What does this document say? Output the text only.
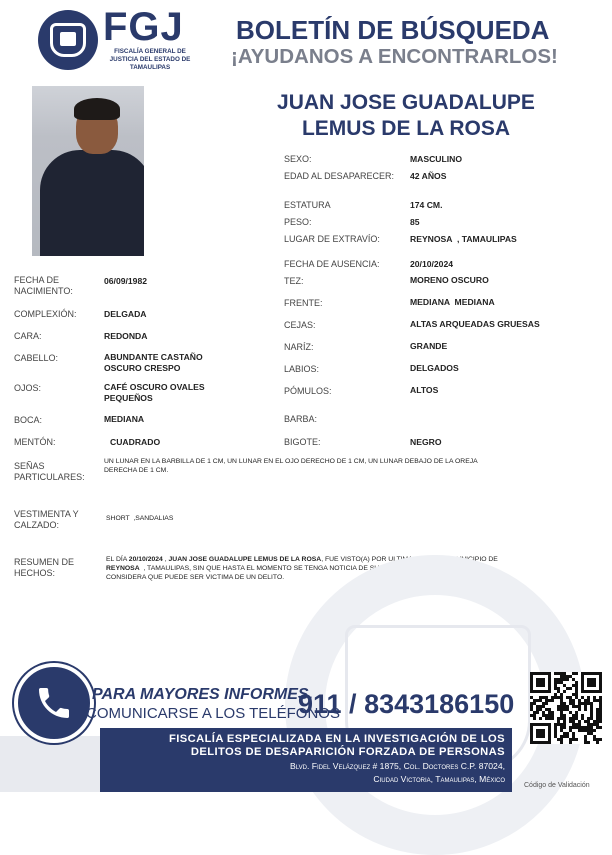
FGJ
FISCALÍA GENERAL DE JUSTICIA DEL ESTADO DE TAMAULIPAS
BOLETÍN DE BÚSQUEDA
¡AYUDANOS A ENCONTRARLOS!
JUAN JOSE GUADALUPE
LEMUS DE LA ROSA
SEXO:	MASCULINO
EDAD AL DESAPARECER: 42 AÑOS
ESTATURA	174 CM.
PESO:	85
LUGAR DE EXTRAVÍO:	REYNOSA  , TAMAULIPAS
FECHA DE AUSENCIA:	20/10/2024
TEZ:	MORENO OSCURO
FRENTE:	MEDIANA  MEDIANA
CEJAS:	ALTAS ARQUEADAS GRUESAS
NARÍZ:	GRANDE
LABIOS:	DELGADOS
PÓMULOS:	ALTOS
BARBA:
BIGOTE:	NEGRO
FECHA DE
NACIMIENTO:
06/09/1982
COMPLEXIÓN:	DELGADA
CARA:	REDONDA
CABELLO:	ABUNDANTE CASTAÑO
OSCURO CRESPO
OJOS:	CAFÉ OSCURO OVALES
PEQUEÑOS
BOCA:	MEDIANA
MENTÓN:	CUADRADO
SEÑAS
PARTICULARES:
UN LUNAR EN LA BARBILLA DE 1 CM, UN LUNAR EN EL OJO DERECHO DE 1 CM, UN LUNAR DEBAJO DE LA OREJA
DERECHA DE 1 CM.
VESTIMENTA Y
CALZADO:
SHORT  ,SANDALIAS
RESUMEN DE
HECHOS:
EL DÍA 20/10/2024 , JUAN JOSE GUADALUPE LEMUS DE LA ROSA, FUE VISTO(A) POR ULTIMA VEZ EN EL MUNICIPIO DE
REYNOSA  , TAMAULIPAS, SIN QUE HASTA EL MOMENTO SE TENGA NOTICIA DE SU PARADERO, POR LO QUE SE
CONSIDERA QUE PUEDE SER VICTIMA DE UN DELITO.
PARA MAYORES INFORMES,
COMUNICARSE A LOS TELÉFONOS
911 / 8343186150
FISCALÍA ESPECIALIZADA EN LA INVESTIGACIÓN DE LOS
DELITOS DE DESAPARICIÓN FORZADA DE PERSONAS
Blvd. Fidel Velázquez # 1875, Col. Doctores C.P. 87024,
Ciudad Victoria, Tamaulipas, México
Código de Validación
